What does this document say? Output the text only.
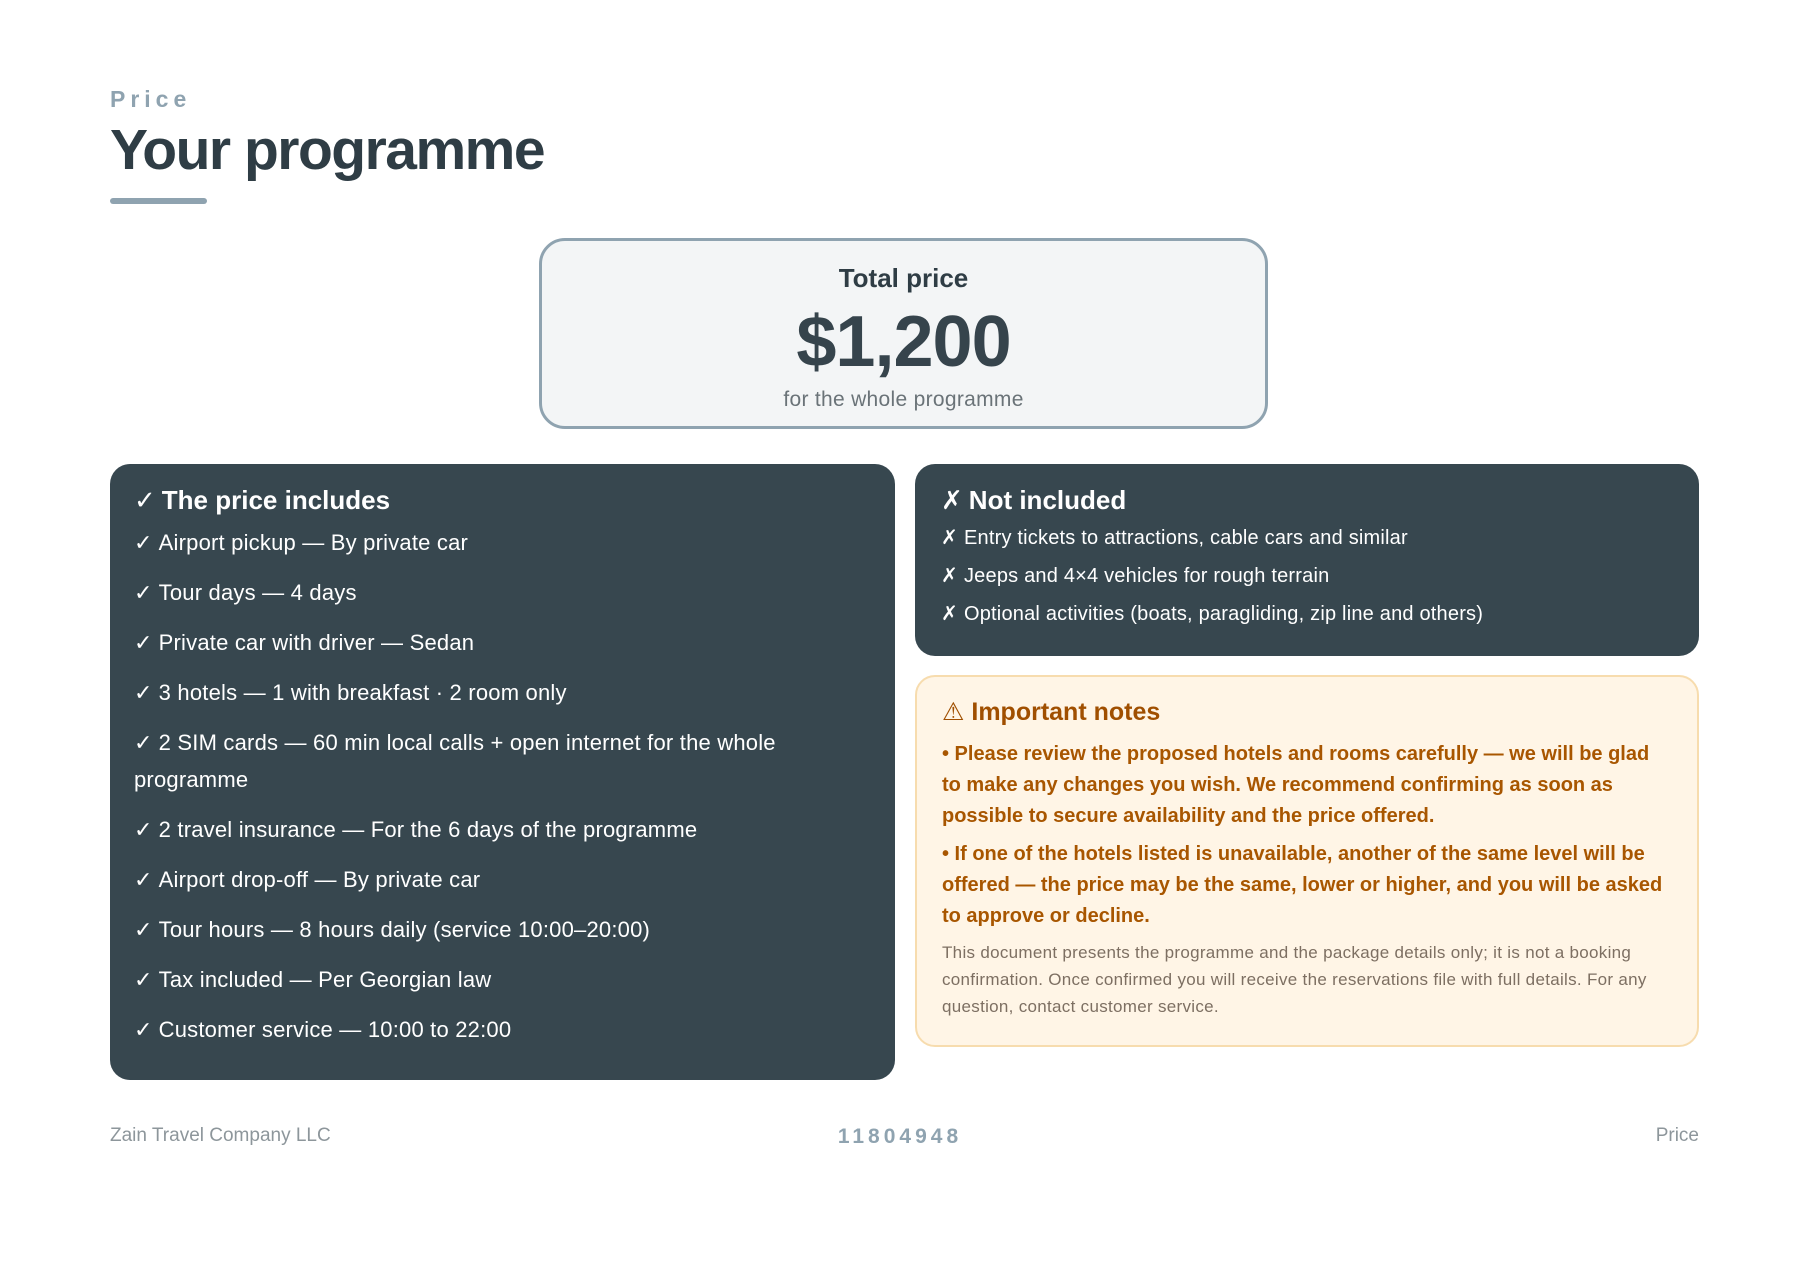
Price
Your programme
Total price
$1,200
for the whole programme
✓ The price includes
✓ Airport pickup — By private car
✓ Tour days — 4 days
✓ Private car with driver — Sedan
✓ 3 hotels — 1 with breakfast · 2 room only
✓ 2 SIM cards — 60 min local calls + open internet for the whole programme
✓ 2 travel insurance — For the 6 days of the programme
✓ Airport drop-off — By private car
✓ Tour hours — 8 hours daily (service 10:00–20:00)
✓ Tax included — Per Georgian law
✓ Customer service — 10:00 to 22:00
✗ Not included
✗ Entry tickets to attractions, cable cars and similar
✗ Jeeps and 4×4 vehicles for rough terrain
✗ Optional activities (boats, paragliding, zip line and others)
⚠ Important notes
• Please review the proposed hotels and rooms carefully — we will be glad to make any changes you wish. We recommend confirming as soon as possible to secure availability and the price offered.
• If one of the hotels listed is unavailable, another of the same level will be offered — the price may be the same, lower or higher, and you will be asked to approve or decline.
This document presents the programme and the package details only; it is not a booking confirmation. Once confirmed you will receive the reservations file with full details. For any question, contact customer service.
Zain Travel Company LLC	11804948	Price
